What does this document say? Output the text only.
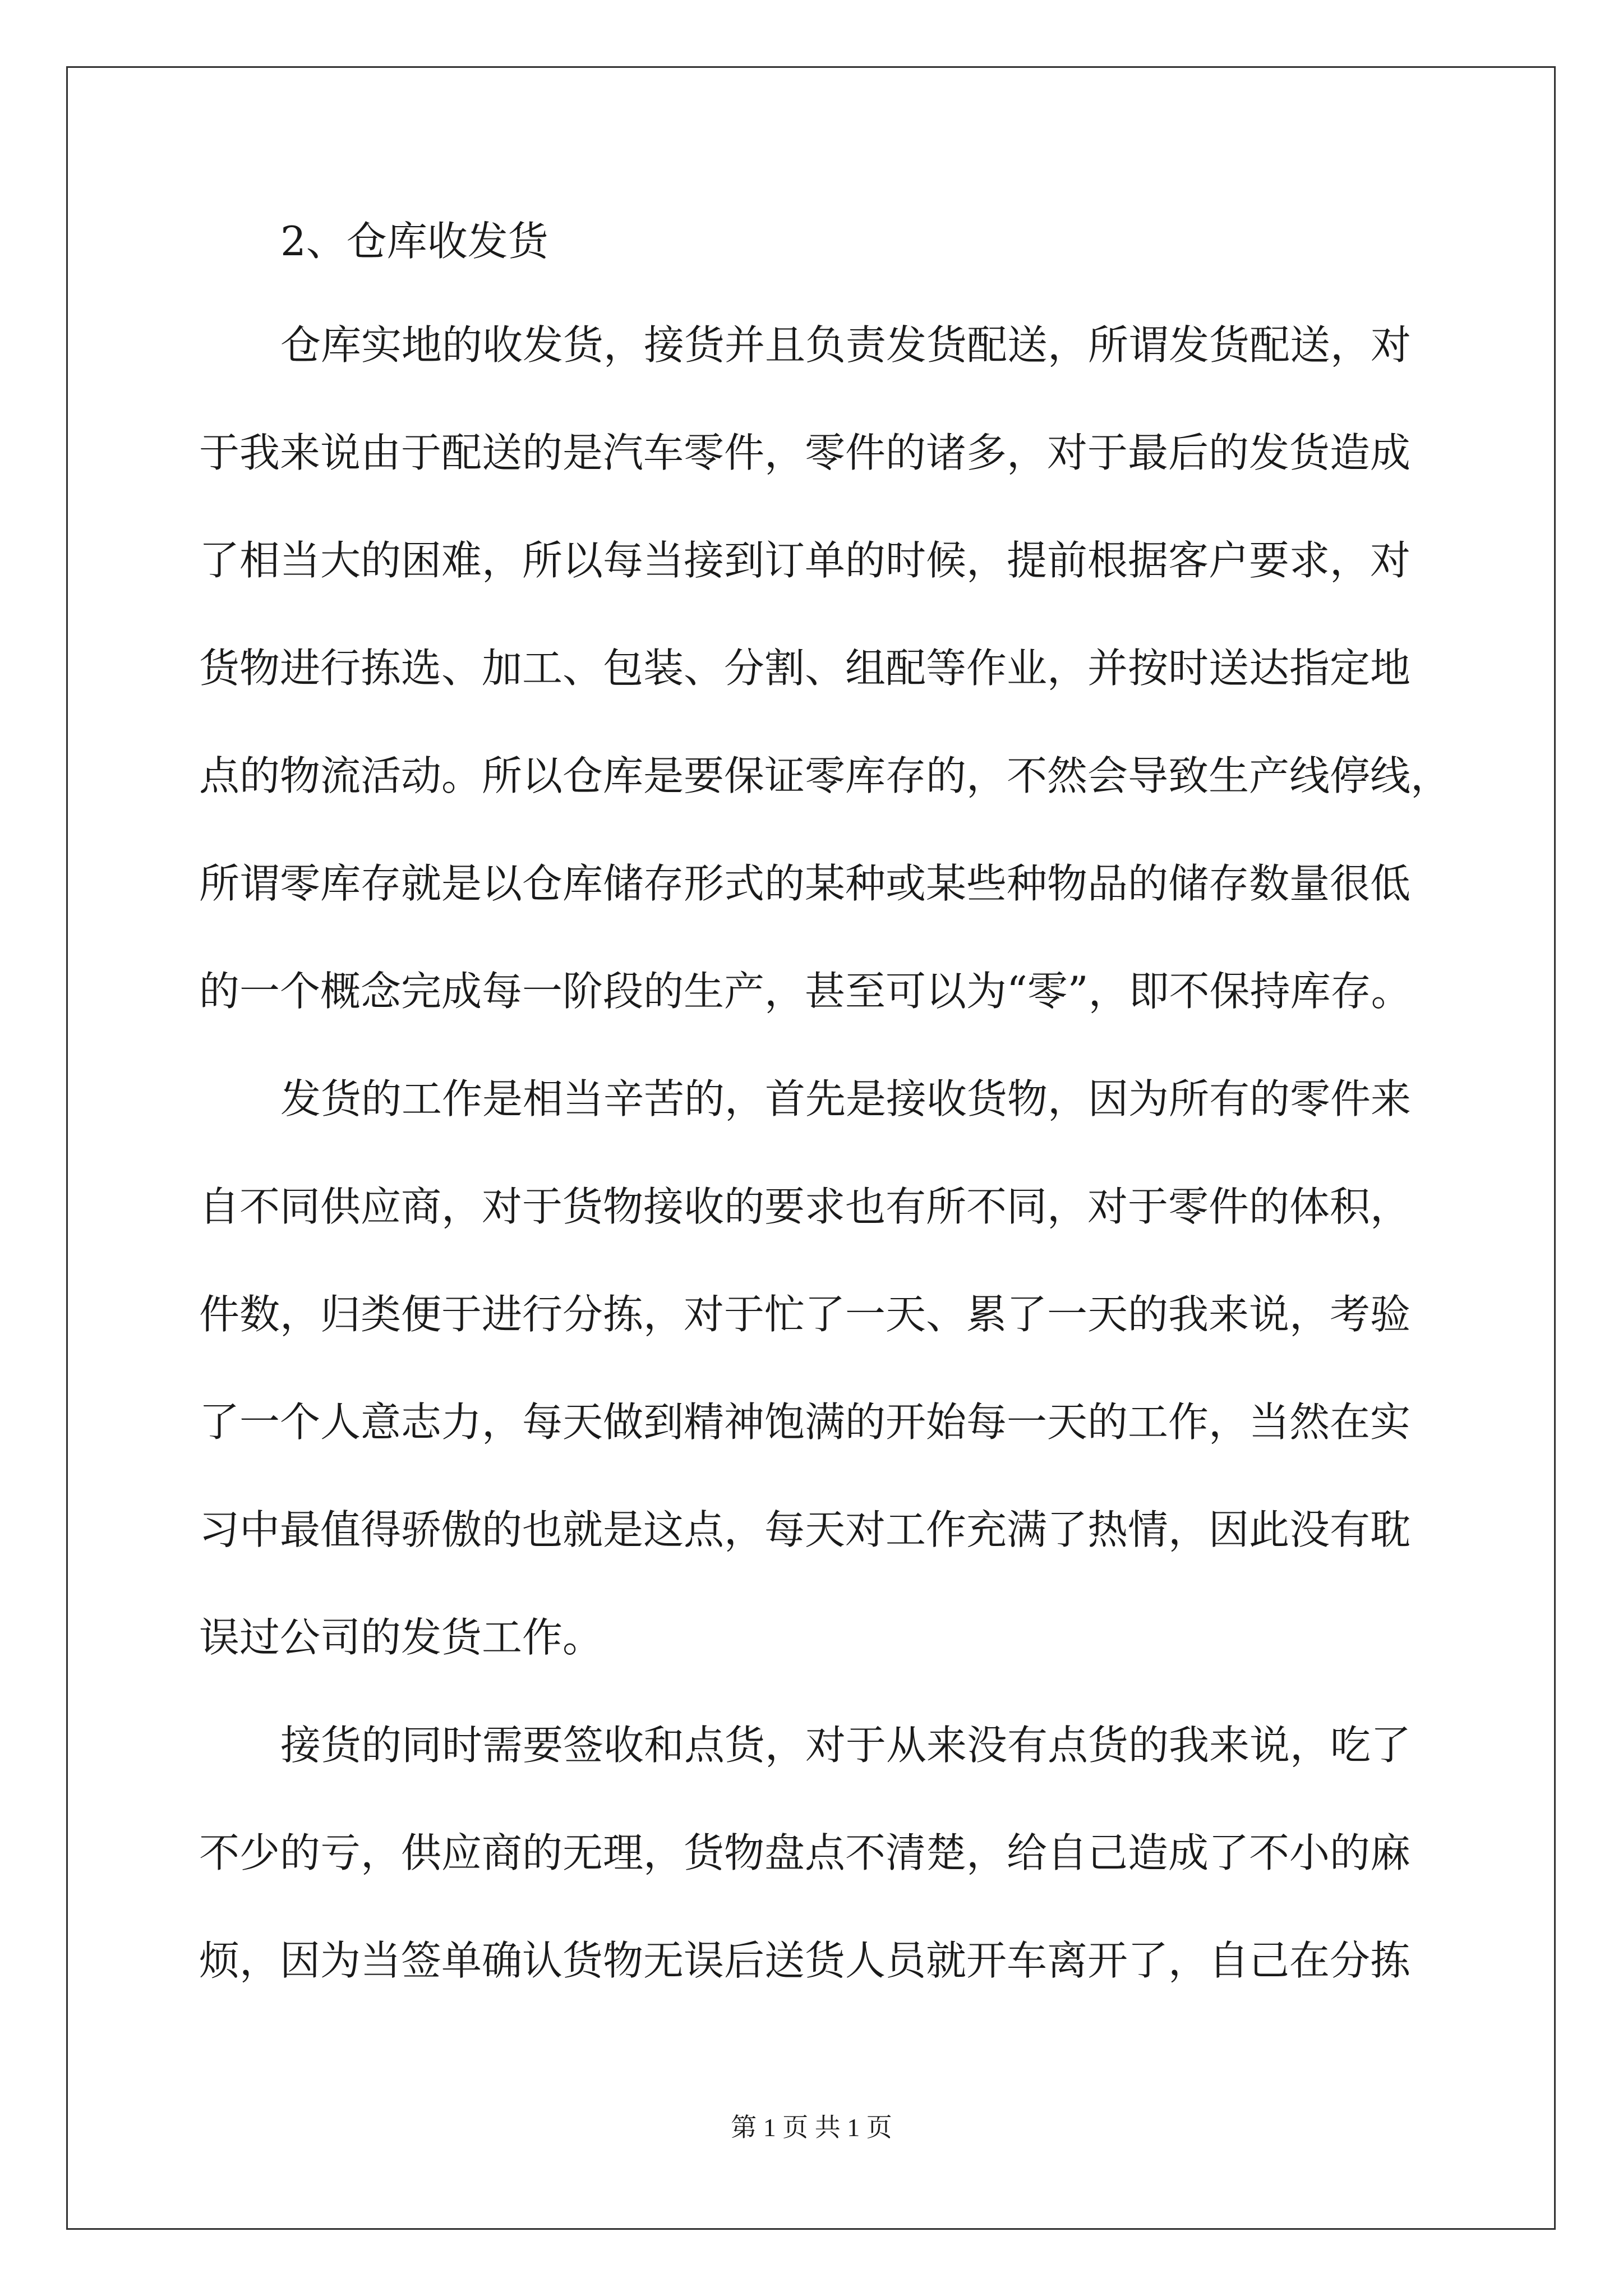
2、仓库收发货
仓库实地的收发货，接货并且负责发货配送，所谓发货配送，对
于我来说由于配送的是汽车零件，零件的诸多，对于最后的发货造成
了相当大的困难，所以每当接到订单的时候，提前根据客户要求，对
货物进行拣选、加工、包装、分割、组配等作业，并按时送达指定地
点的物流活动。所以仓库是要保证零库存的，不然会导致生产线停线，
所谓零库存就是以仓库储存形式的某种或某些种物品的储存数量很低
的一个概念完成每一阶段的生产，甚至可以为“零”，即不保持库存。
发货的工作是相当辛苦的，首先是接收货物，因为所有的零件来
自不同供应商，对于货物接收的要求也有所不同，对于零件的体积，
件数，归类便于进行分拣，对于忙了一天、累了一天的我来说，考验
了一个人意志力，每天做到精神饱满的开始每一天的工作，当然在实
习中最值得骄傲的也就是这点，每天对工作充满了热情，因此没有耽
误过公司的发货工作。
接货的同时需要签收和点货，对于从来没有点货的我来说，吃了
不少的亏，供应商的无理，货物盘点不清楚，给自己造成了不小的麻
烦，因为当签单确认货物无误后送货人员就开车离开了，自己在分拣
第 1 页 共 1 页
